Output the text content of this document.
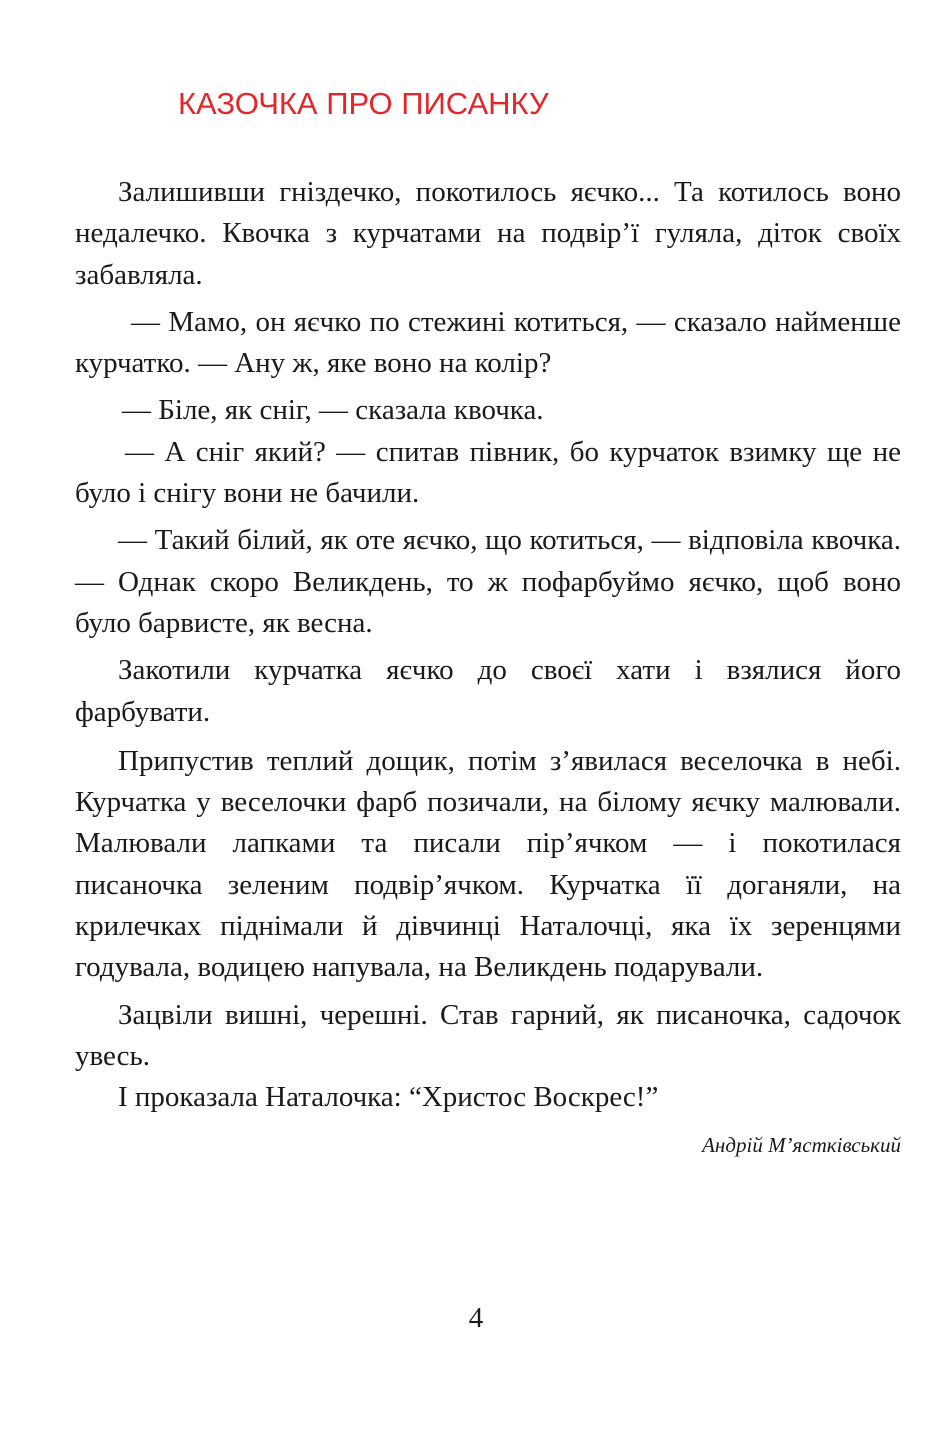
КАЗОЧКА ПРО ПИСАНКУ

Залишивши гніздечко, покотилось яєчко... Та котилось воно недалечко. Квочка з курчатами на подвір’ї гуляла, діток своїх забавляла.

— Мамо, он яєчко по стежині котиться, — сказало найменше курчатко. — Ану ж, яке воно на колір?

— Біле, як сніг, — сказала квочка.

— А сніг який? — спитав півник, бо курчаток взимку ще не було і снігу вони не бачили.

— Такий білий, як оте яєчко, що котиться, — відповіла квочка. — Однак скоро Великдень, то ж пофарбуймо яєчко, щоб воно було барвисте, як весна.

Закотили курчатка яєчко до своєї хати і взялися його фарбувати.

Припустив теплий дощик, потім з’явилася веселочка в небі. Курчатка у веселочки фарб позичали, на білому яєчку малювали. Малювали лапками та писали пір’ячком — і покотилася писаночка зеленим подвір’ячком. Курчатка її доганяли, на крилечках піднімали й дівчинці Наталочці, яка їх зеренцями годувала, водицею напувала, на Великдень подарували.

Зацвіли вишні, черешні. Став гарний, як писаночка, садочок увесь.

І проказала Наталочка: “Христос Воскрес!”

Андрій М’ястківський
4
